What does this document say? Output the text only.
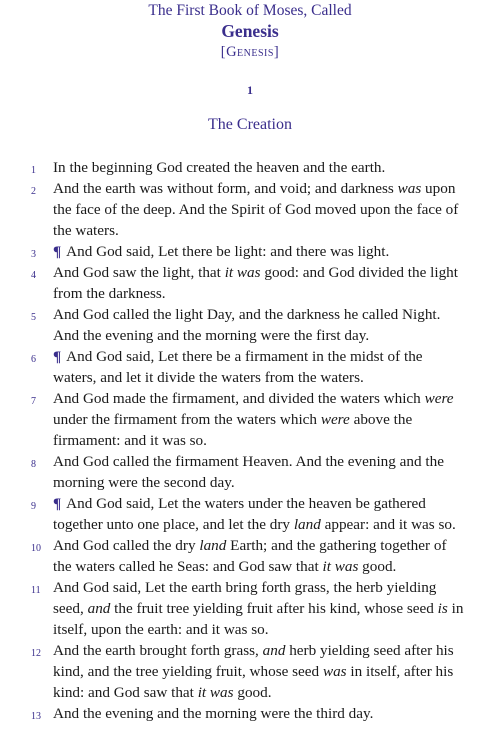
The First Book of Moses, Called
Genesis
[Genesis]
1
The Creation
1 In the beginning God created the heaven and the earth.
2 And the earth was without form, and void; and darkness was upon
the face of the deep. And the Spirit of God moved upon the face of
the waters.
3 ¶ And God said, Let there be light: and there was light.
4 And God saw the light, that it was good: and God divided the light
from the darkness.
5 And God called the light Day, and the darkness he called Night.
And the evening and the morning were the first day.
6 ¶ And God said, Let there be a firmament in the midst of the
waters, and let it divide the waters from the waters.
7 And God made the firmament, and divided the waters which were
under the firmament from the waters which were above the
firmament: and it was so.
8 And God called the firmament Heaven. And the evening and the
morning were the second day.
9 ¶ And God said, Let the waters under the heaven be gathered
together unto one place, and let the dry land appear: and it was so.
10 And God called the dry land Earth; and the gathering together of
the waters called he Seas: and God saw that it was good.
11 And God said, Let the earth bring forth grass, the herb yielding
seed, and the fruit tree yielding fruit after his kind, whose seed is in
itself, upon the earth: and it was so.
12 And the earth brought forth grass, and herb yielding seed after his
kind, and the tree yielding fruit, whose seed was in itself, after his
kind: and God saw that it was good.
13 And the evening and the morning were the third day.
